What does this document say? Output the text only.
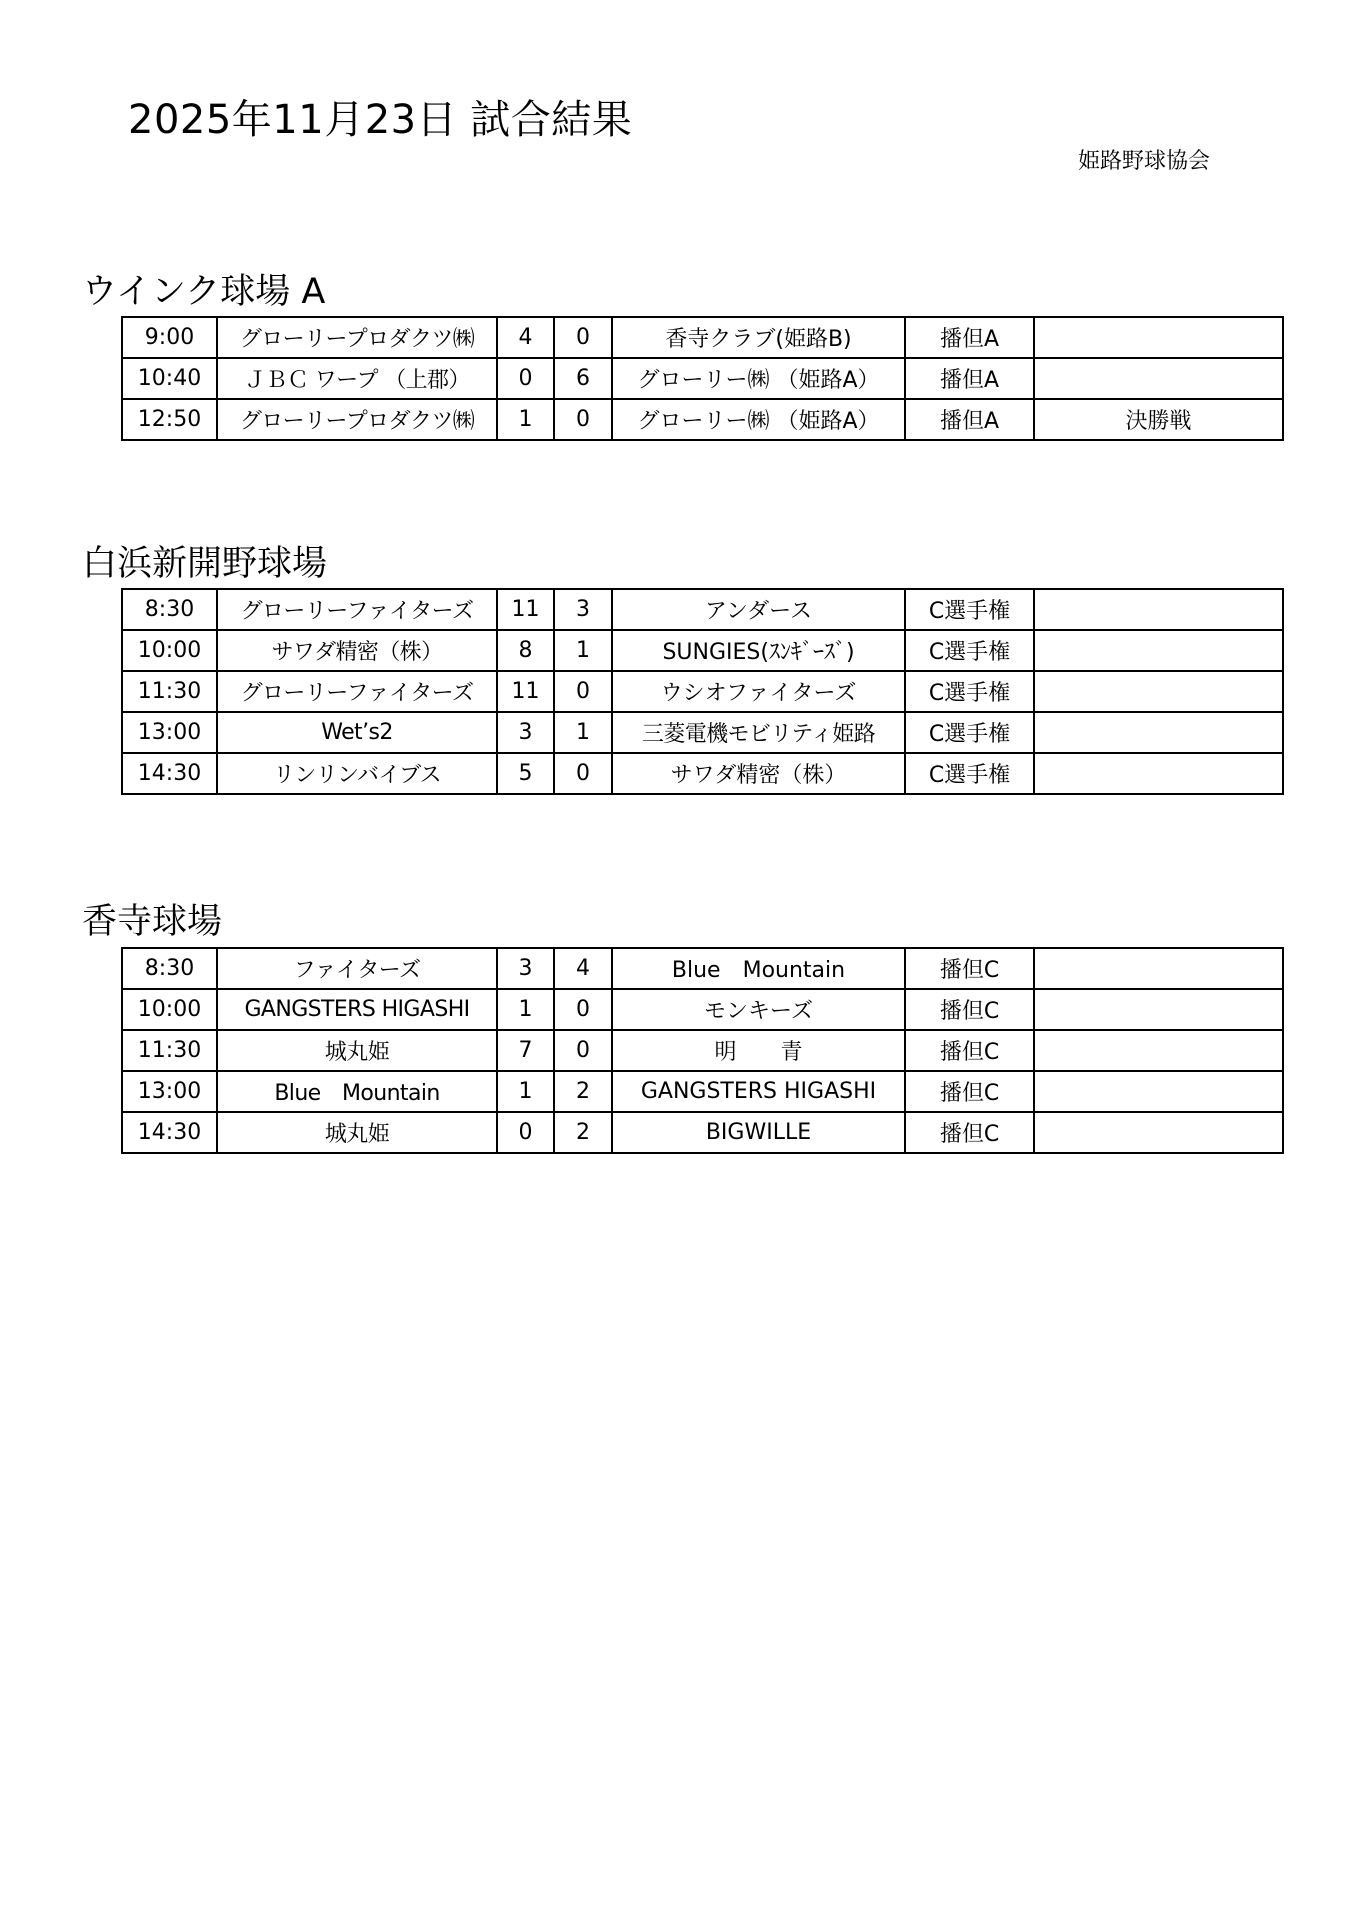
2025年11月23日 試合結果
姫路野球協会
ウインク球場 A
9:00	グローリープロダクツ㈱	4	0	香寺クラブ(姫路B)	播但A	
10:40	ＪＢＣ ワープ （上郡）	0	6	グローリー㈱ （姫路A）	播但A	
12:50	グローリープロダクツ㈱	1	0	グローリー㈱ （姫路A）	播但A	決勝戦
白浜新開野球場
8:30	グローリーファイターズ	11	3	アンダース	C選手権	
10:00	サワダ精密（株）	8	1	SUNGIES(ｽﾝｷﾞｰｽﾞ)	C選手権	
11:30	グローリーファイターズ	11	0	ウシオファイターズ	C選手権	
13:00	Wet’s2	3	1	三菱電機モビリティ姫路	C選手権	
14:30	リンリンバイブス	5	0	サワダ精密（株）	C選手権	
香寺球場
8:30	ファイターズ	3	4	Blue　Mountain	播但C	
10:00	GANGSTERS HIGASHI	1	0	モンキーズ	播但C	
11:30	城丸姫	7	0	明　　青	播但C	
13:00	Blue　Mountain	1	2	GANGSTERS HIGASHI	播但C	
14:30	城丸姫	0	2	BIGWILLE	播但C	
